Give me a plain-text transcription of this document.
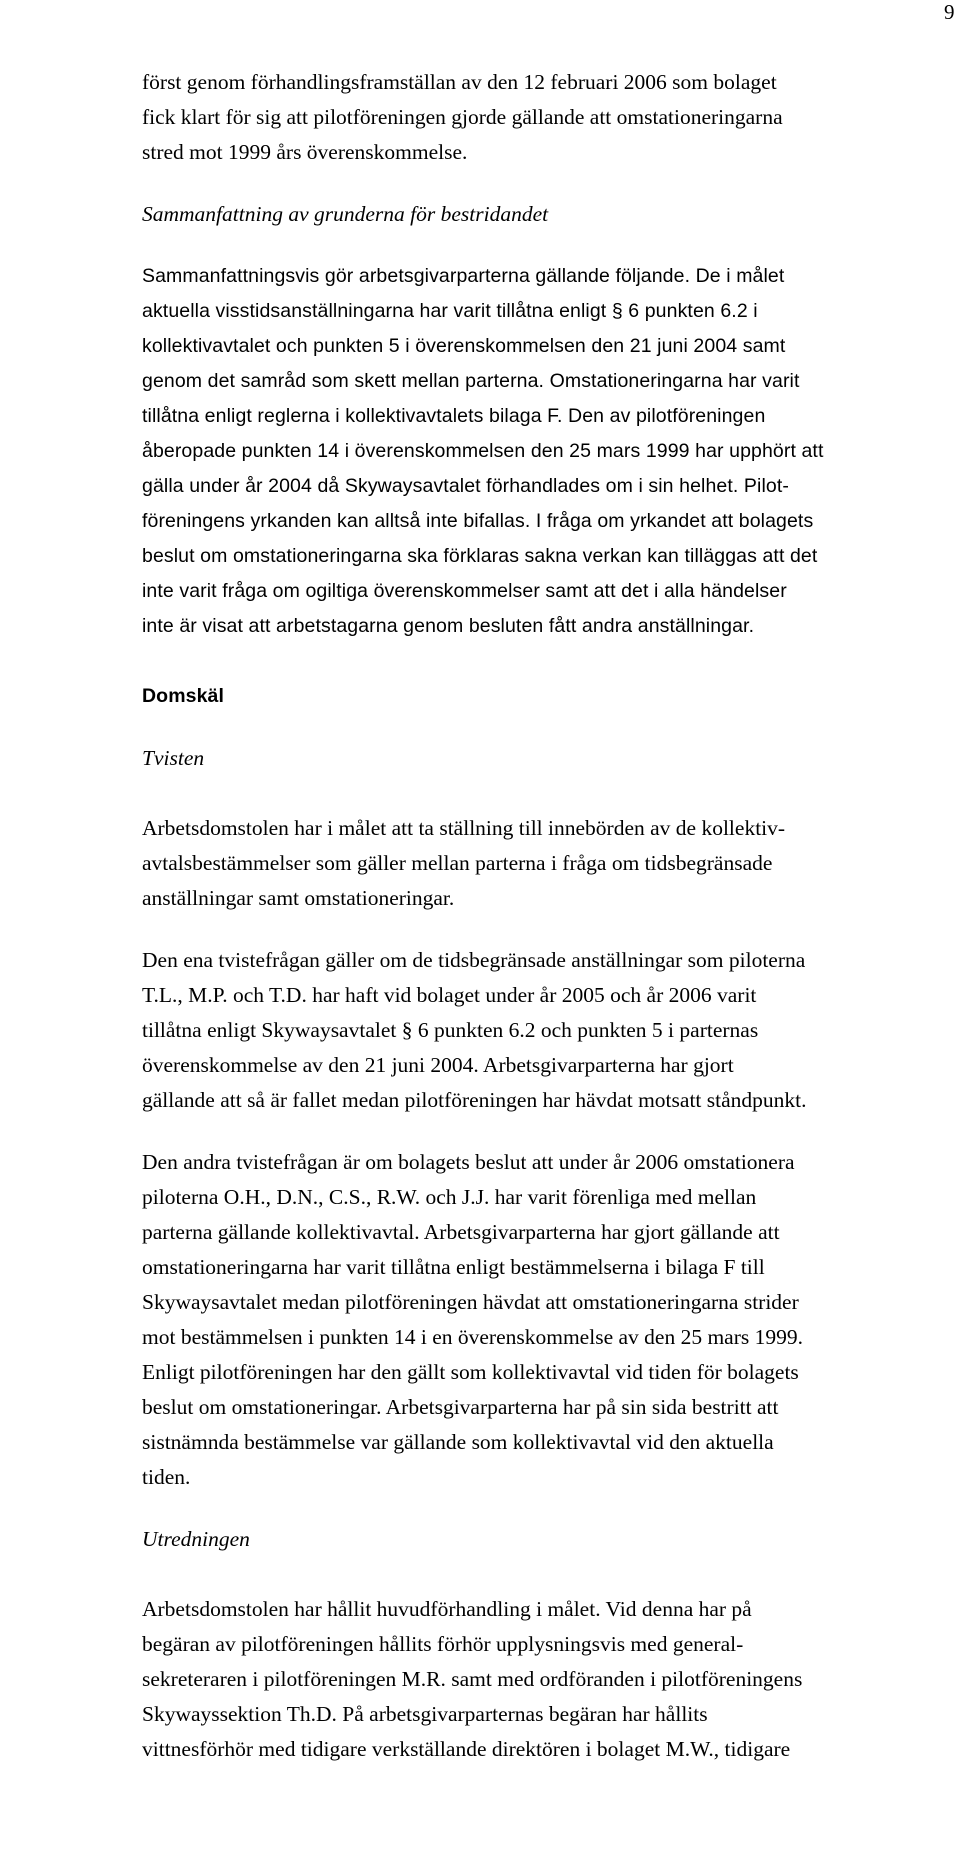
9
först genom förhandlingsframställan av den 12 februari 2006 som bolaget
fick klart för sig att pilotföreningen gjorde gällande att omstationeringarna
stred mot 1999 års överenskommelse.
Sammanfattning av grunderna för bestridandet
Sammanfattningsvis gör arbetsgivarparterna gällande följande. De i målet
aktuella visstidsanställningarna har varit tillåtna enligt § 6 punkten 6.2 i
kollektivavtalet och punkten 5 i överenskommelsen den 21 juni 2004 samt
genom det samråd som skett mellan parterna. Omstationeringarna har varit
tillåtna enligt reglerna i kollektivavtalets bilaga F. Den av pilotföreningen
åberopade punkten 14 i överenskommelsen den 25 mars 1999 har upphört att
gälla under år 2004 då Skywaysavtalet förhandlades om i sin helhet. Pilot-
föreningens yrkanden kan alltså inte bifallas. I fråga om yrkandet att bolagets
beslut om omstationeringarna ska förklaras sakna verkan kan tilläggas att det
inte varit fråga om ogiltiga överenskommelser samt att det i alla händelser
inte är visat att arbetstagarna genom besluten fått andra anställningar.
Domskäl
Tvisten
Arbetsdomstolen har i målet att ta ställning till innebörden av de kollektiv-
avtalsbestämmelser som gäller mellan parterna i fråga om tidsbegränsade
anställningar samt omstationeringar.
Den ena tvistefrågan gäller om de tidsbegränsade anställningar som piloterna
T.L., M.P. och T.D. har haft vid bolaget under år 2005 och år 2006 varit
tillåtna enligt Skywaysavtalet § 6 punkten 6.2 och punkten 5 i parternas
överenskommelse av den 21 juni 2004. Arbetsgivarparterna har gjort
gällande att så är fallet medan pilotföreningen har hävdat motsatt ståndpunkt.
Den andra tvistefrågan är om bolagets beslut att under år 2006 omstationera
piloterna O.H., D.N., C.S., R.W. och J.J. har varit förenliga med mellan
parterna gällande kollektivavtal. Arbetsgivarparterna har gjort gällande att
omstationeringarna har varit tillåtna enligt bestämmelserna i bilaga F till
Skywaysavtalet medan pilotföreningen hävdat att omstationeringarna strider
mot bestämmelsen i punkten 14 i en överenskommelse av den 25 mars 1999.
Enligt pilotföreningen har den gällt som kollektivavtal vid tiden för bolagets
beslut om omstationeringar. Arbetsgivarparterna har på sin sida bestritt att
sistnämnda bestämmelse var gällande som kollektivavtal vid den aktuella
tiden.
Utredningen
Arbetsdomstolen har hållit huvudförhandling i målet. Vid denna har på
begäran av pilotföreningen hållits förhör upplysningsvis med general-
sekreteraren i pilotföreningen M.R. samt med ordföranden i pilotföreningens
Skywayssektion Th.D. På arbetsgivarparternas begäran har hållits
vittnesförhör med tidigare verkställande direktören i bolaget M.W., tidigare
